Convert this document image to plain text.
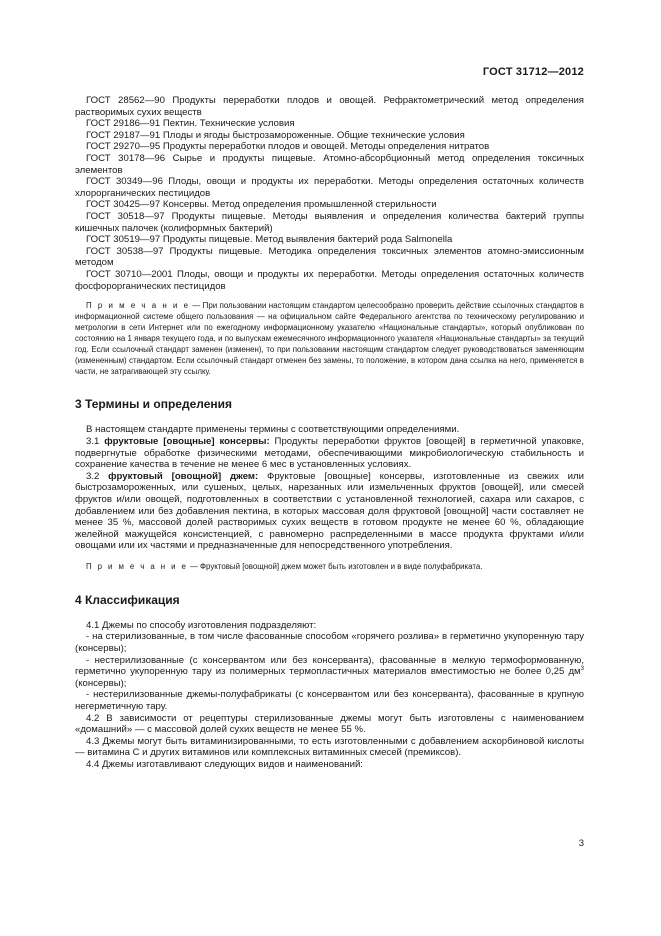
ГОСТ 31712—2012

ГОСТ 28562—90 Продукты переработки плодов и овощей. Рефрактометрический метод определения растворимых сухих веществ

ГОСТ 29186—91 Пектин. Технические условия

ГОСТ 29187—91 Плоды и ягоды быстрозамороженные. Общие технические условия

ГОСТ 29270—95 Продукты переработки плодов и овощей. Методы определения нитратов

ГОСТ 30178—96 Сырье и продукты пищевые. Атомно-абсорбционный метод определения токсичных элементов

ГОСТ 30349—96 Плоды, овощи и продукты их переработки. Методы определения остаточных количеств хлорорганических пестицидов

ГОСТ 30425—97 Консервы. Метод определения промышленной стерильности

ГОСТ 30518—97 Продукты пищевые. Методы выявления и определения количества бактерий группы кишечных палочек (колиформных бактерий)

ГОСТ 30519—97 Продукты пищевые. Метод выявления бактерий рода Salmonella

ГОСТ 30538—97 Продукты пищевые. Методика определения токсичных элементов атомно-эмиссионным методом

ГОСТ 30710—2001 Плоды, овощи и продукты их переработки. Методы определения остаточных количеств фосфорорганических пестицидов

П р и м е ч а н и е — При пользовании настоящим стандартом целесообразно проверить действие ссылочных стандартов в информационной системе общего пользования — на официальном сайте Федерального агентства по техническому регулированию и метрологии в сети Интернет или по ежегодному информационному указателю «Национальные стандарты», который опубликован по состоянию на 1 января текущего года, и по выпускам ежемесячного информационного указателя «Национальные стандарты» за текущий год. Если ссылочный стандарт заменен (изменен), то при пользовании настоящим стандартом следует руководствоваться заменяющим (измененным) стандартом. Если ссылочный стандарт отменен без замены, то положение, в котором дана ссылка на него, применяется в части, не затрагивающей эту ссылку.

3 Термины и определения

В настоящем стандарте применены термины с соответствующими определениями.

3.1 фруктовые [овощные] консервы: Продукты переработки фруктов [овощей] в герметичной упаковке, подвергнутые обработке физическими методами, обеспечивающими микробиологическую стабильность и сохранение качества в течение не менее 6 мес в установленных условиях.

3.2 фруктовый [овощной] джем: Фруктовые [овощные] консервы, изготовленные из свежих или быстрозамороженных, или сушеных, целых, нарезанных или измельченных фруктов [овощей], или смесей фруктов и/или овощей, подготовленных в соответствии с установленной технологией, сахара или сахаров, с добавлением или без добавления пектина, в которых массовая доля фруктовой [овощной] части составляет не менее 35 %, массовой долей растворимых сухих веществ в готовом продукте не менее 60 %, обладающие желейной мажущейся консистенцией, с равномерно распределенными в массе продукта фруктами и/или овощами или их частями и предназначенные для непосредственного употребления.

П р и м е ч а н и е — Фруктовый [овощной] джем может быть изготовлен и в виде полуфабриката.

4 Классификация

4.1 Джемы по способу изготовления подразделяют:

- на стерилизованные, в том числе фасованные способом «горячего розлива» в герметично укупоренную тару (консервы);

- нестерилизованные (с консервантом или без консерванта), фасованные в мелкую термоформованную, герметично укупоренную тару из полимерных термопластичных материалов вместимостью не более 0,25 $дм^3$ (консервы);

- нестерилизованные джемы-полуфабрикаты (с консервантом или без консерванта), фасованные в крупную негерметичную тару.

4.2 В зависимости от рецептуры стерилизованные джемы могут быть изготовлены с наименованием «домашний» — с массовой долей сухих веществ не менее 55 %.

4.3 Джемы могут быть витаминизированными, то есть изготовленными с добавлением аскорбиновой кислоты — витамина С и других витаминов или комплексных витаминных смесей (премиксов).

4.4 Джемы изготавливают следующих видов и наименований:

3
